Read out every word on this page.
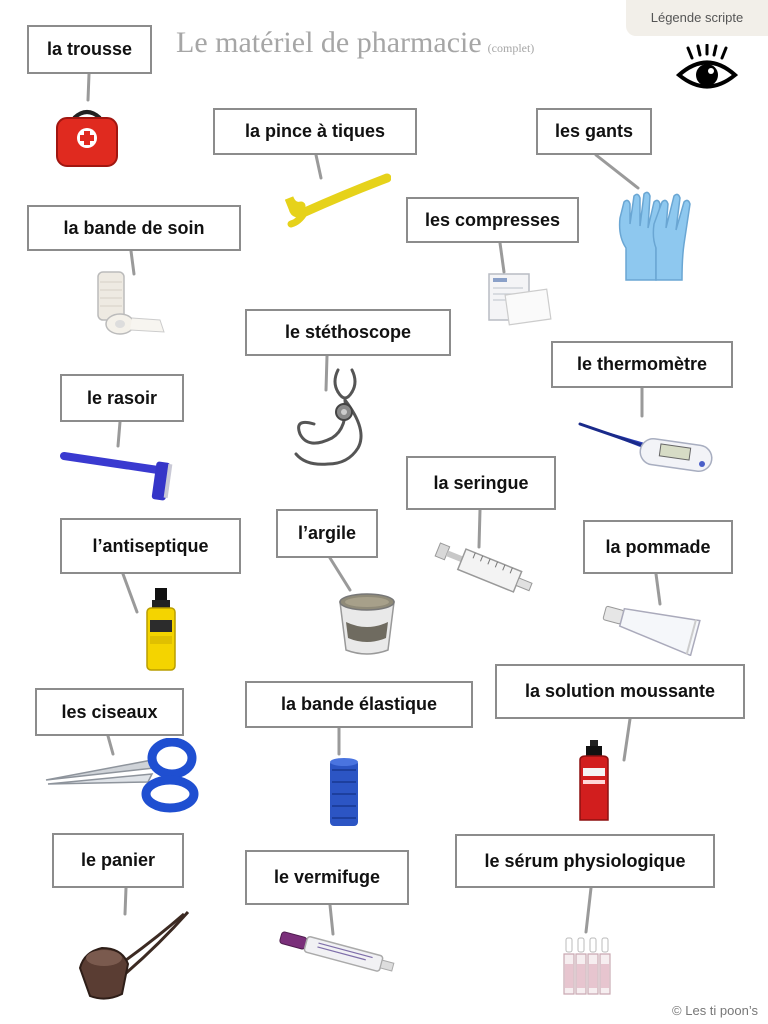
Le matériel de pharmacie (complet)
Légende scripte
la trousse
la pince à tiques	les gants
la bande de soin	les compresses
le stéthoscope
le thermomètre
le rasoir
la seringue
l’antiseptique
l’argile
la pommade
les ciseaux	la bande élastique
la solution moussante
le panier
le vermifuge
le sérum physiologique
© Les ti poon’s
